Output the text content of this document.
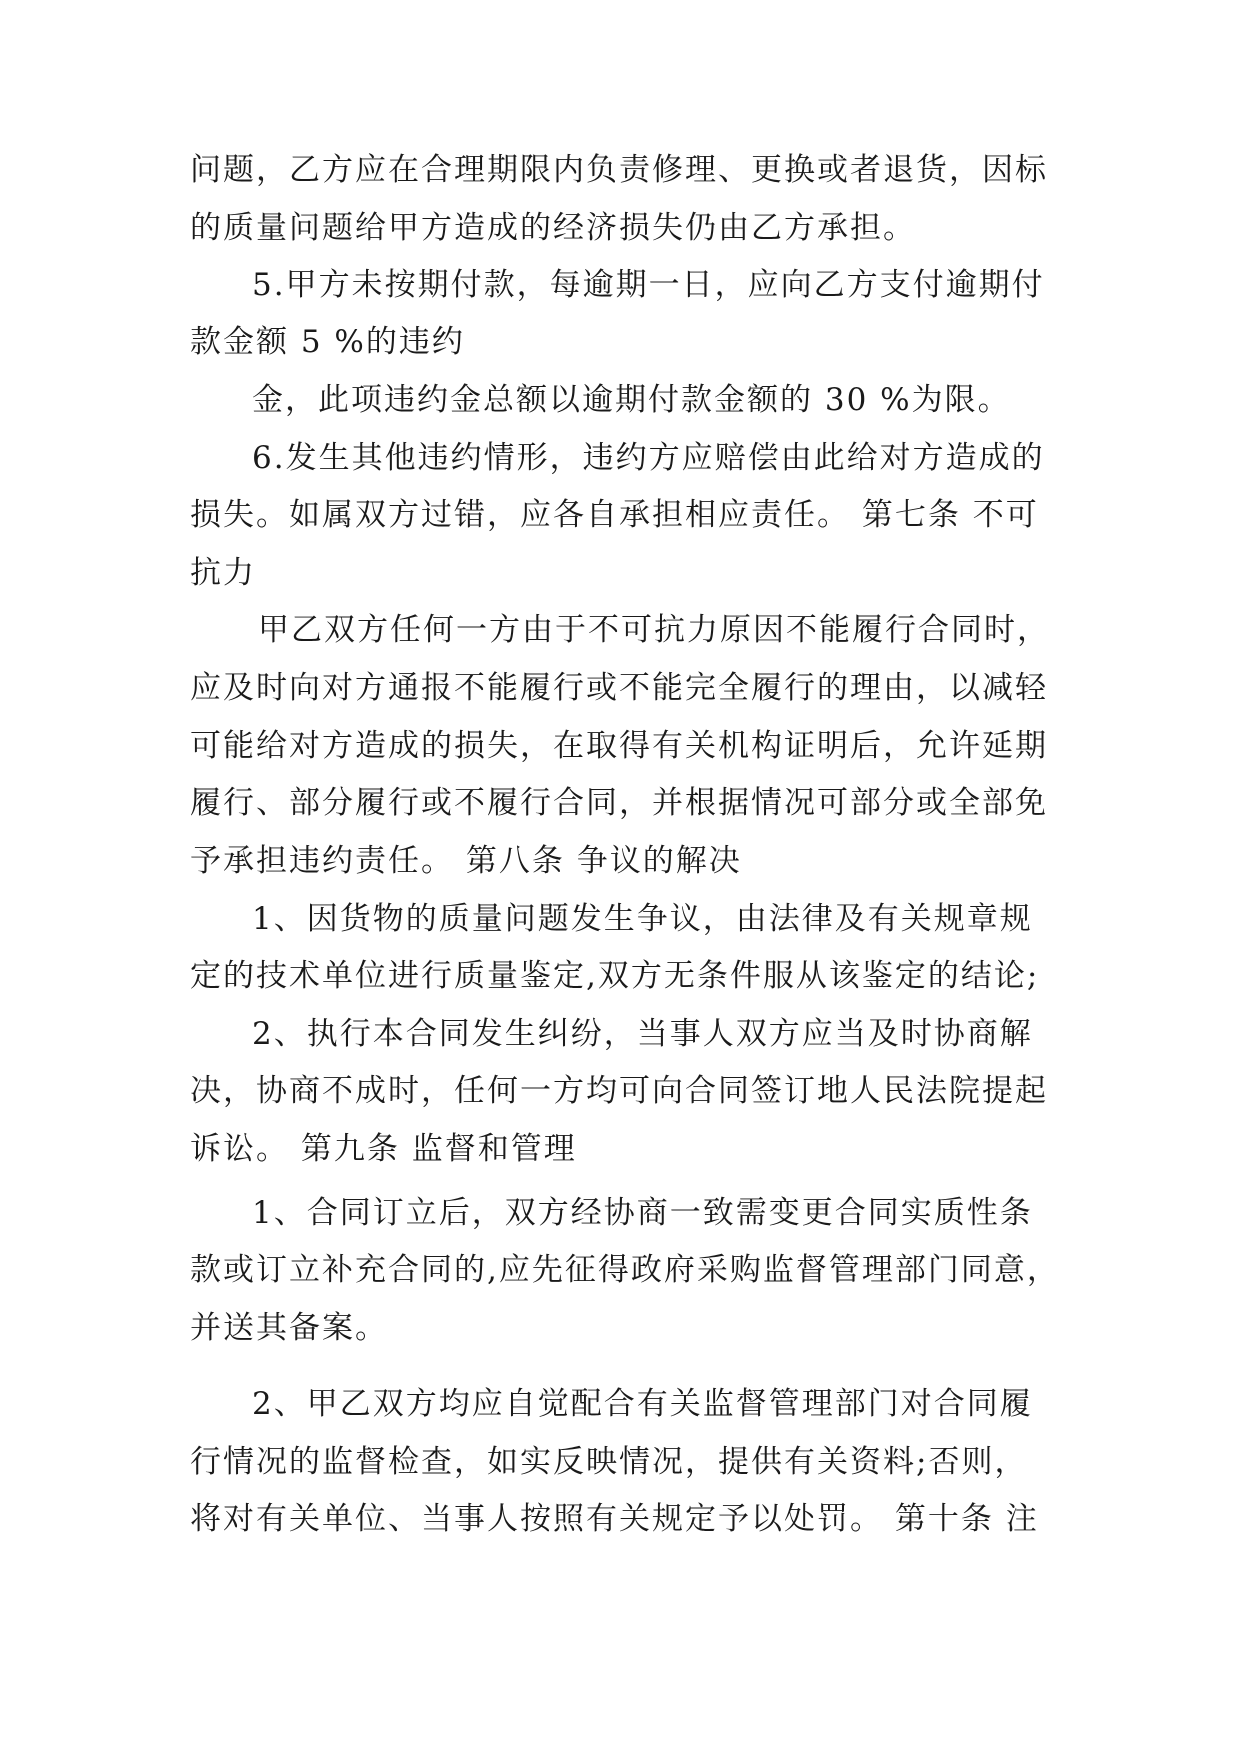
问题，乙方应在合理期限内负责修理、更换或者退货，因标
的质量问题给甲方造成的经济损失仍由乙方承担。
5.甲方未按期付款，每逾期一日，应向乙方支付逾期付
款金额 5 %的违约
金，此项违约金总额以逾期付款金额的 30 %为限。
6.发生其他违约情形，违约方应赔偿由此给对方造成的
损失。如属双方过错，应各自承担相应责任。 第七条 不可
抗力
甲乙双方任何一方由于不可抗力原因不能履行合同时，
应及时向对方通报不能履行或不能完全履行的理由，以减轻
可能给对方造成的损失，在取得有关机构证明后，允许延期
履行、部分履行或不履行合同，并根据情况可部分或全部免
予承担违约责任。 第八条 争议的解决
1、因货物的质量问题发生争议，由法律及有关规章规
定的技术单位进行质量鉴定,双方无条件服从该鉴定的结论;
2、执行本合同发生纠纷，当事人双方应当及时协商解
决，协商不成时，任何一方均可向合同签订地人民法院提起
诉讼。 第九条 监督和管理
1、合同订立后，双方经协商一致需变更合同实质性条
款或订立补充合同的,应先征得政府采购监督管理部门同意，
并送其备案。
2、甲乙双方均应自觉配合有关监督管理部门对合同履
行情况的监督检查，如实反映情况，提供有关资料;否则，
将对有关单位、当事人按照有关规定予以处罚。 第十条 注
